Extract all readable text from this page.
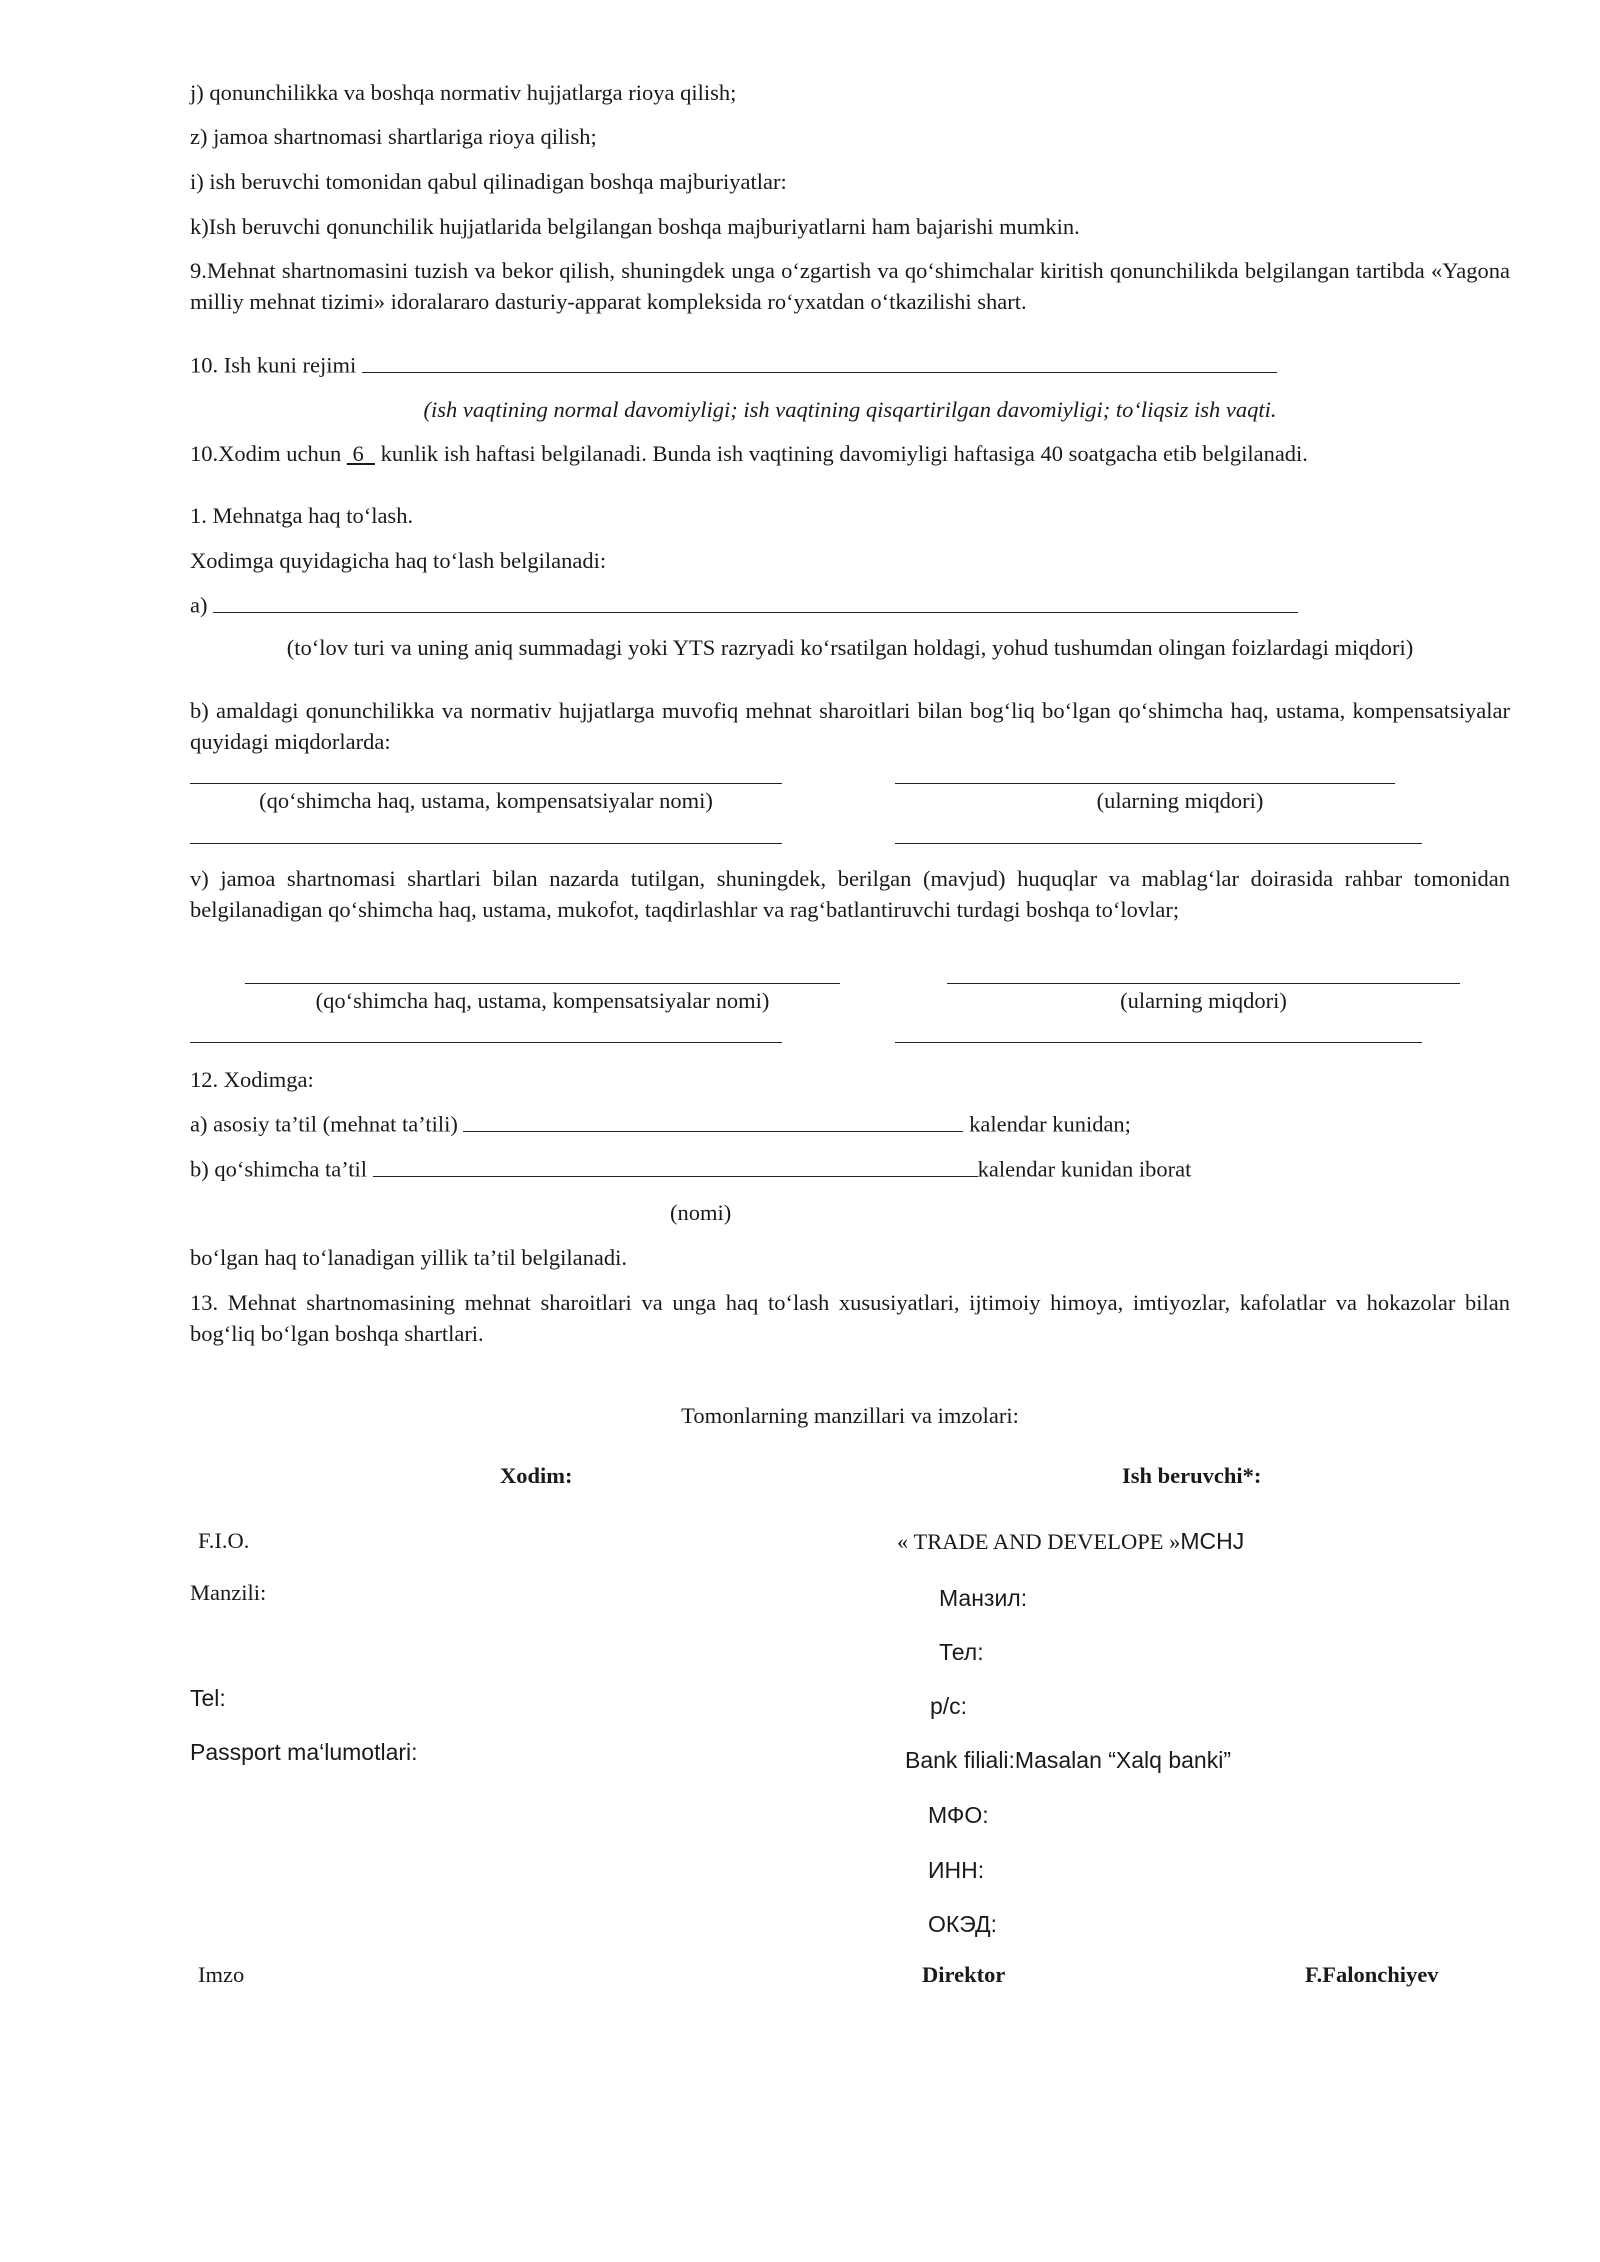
j) qonunchilikka va boshqa normativ hujjatlarga rioya qilish;

z) jamoa shartnomasi shartlariga rioya qilish;

i) ish beruvchi tomonidan qabul qilinadigan boshqa majburiyatlar:

k)Ish beruvchi qonunchilik hujjatlarida belgilangan boshqa majburiyatlarni ham bajarishi mumkin.

9.Mehnat shartnomasini tuzish va bekor qilish, shuningdek unga o‘zgartish va qo‘shimchalar kiritish qonunchilikda belgilangan tartibda «Yagona milliy mehnat tizimi» idoralararo dasturiy-apparat kompleksida ro‘yxatdan o‘tkazilishi shart.

10. Ish kuni rejimi

(ish vaqtining normal davomiyligi; ish vaqtining qisqartirilgan davomiyligi; to‘liqsiz ish vaqti.

10.Xodim uchun 6 kunlik ish haftasi belgilanadi. Bunda ish vaqtining davomiyligi haftasiga 40 soatgacha etib belgilanadi.

1. Mehnatga haq to‘lash.

Xodimga quyidagicha haq to‘lash belgilanadi:

a)

(to‘lov turi va uning aniq summadagi yoki YTS razryadi ko‘rsatilgan holdagi, yohud tushumdan olingan foizlardagi miqdori)

b) amaldagi qonunchilikka va normativ hujjatlarga muvofiq mehnat sharoitlari bilan bog‘liq bo‘lgan qo‘shimcha haq, ustama, kompensatsiyalar quyidagi miqdorlarda:

(qo‘shimcha haq, ustama, kompensatsiyalar nomi)	(ularning miqdori)

v) jamoa shartnomasi shartlari bilan nazarda tutilgan, shuningdek, berilgan (mavjud) huquqlar va mablag‘lar doirasida rahbar tomonidan belgilanadigan qo‘shimcha haq, ustama, mukofot, taqdirlashlar va rag‘batlantiruvchi turdagi boshqa to‘lovlar;

(qo‘shimcha haq, ustama, kompensatsiyalar nomi)	(ularning miqdori)

12. Xodimga:

a) asosiy ta’til (mehnat ta’tili)	kalendar kunidan;

b) qo‘shimcha ta’til	kalendar kunidan iborat

(nomi)

bo‘lgan haq to‘lanadigan yillik ta’til belgilanadi.

13. Mehnat shartnomasining mehnat sharoitlari va unga haq to‘lash xususiyatlari, ijtimoiy himoya, imtiyozlar, kafolatlar va hokazolar bilan bog‘liq bo‘lgan boshqa shartlari.

Tomonlarning manzillari va imzolari:

Xodim:	Ish beruvchi*:

F.I.O.	« TRADE AND DEVELOPE »MCHJ

Manzili:	Манзил:

Тел:

Tel:	р/с:

Passport ma‘lumotlari:	Bank filiali:Masalan “Xalq banki”

МФО:

ИНН:

ОКЭД:

Imzo	Direktor	F.Falonchiyev
